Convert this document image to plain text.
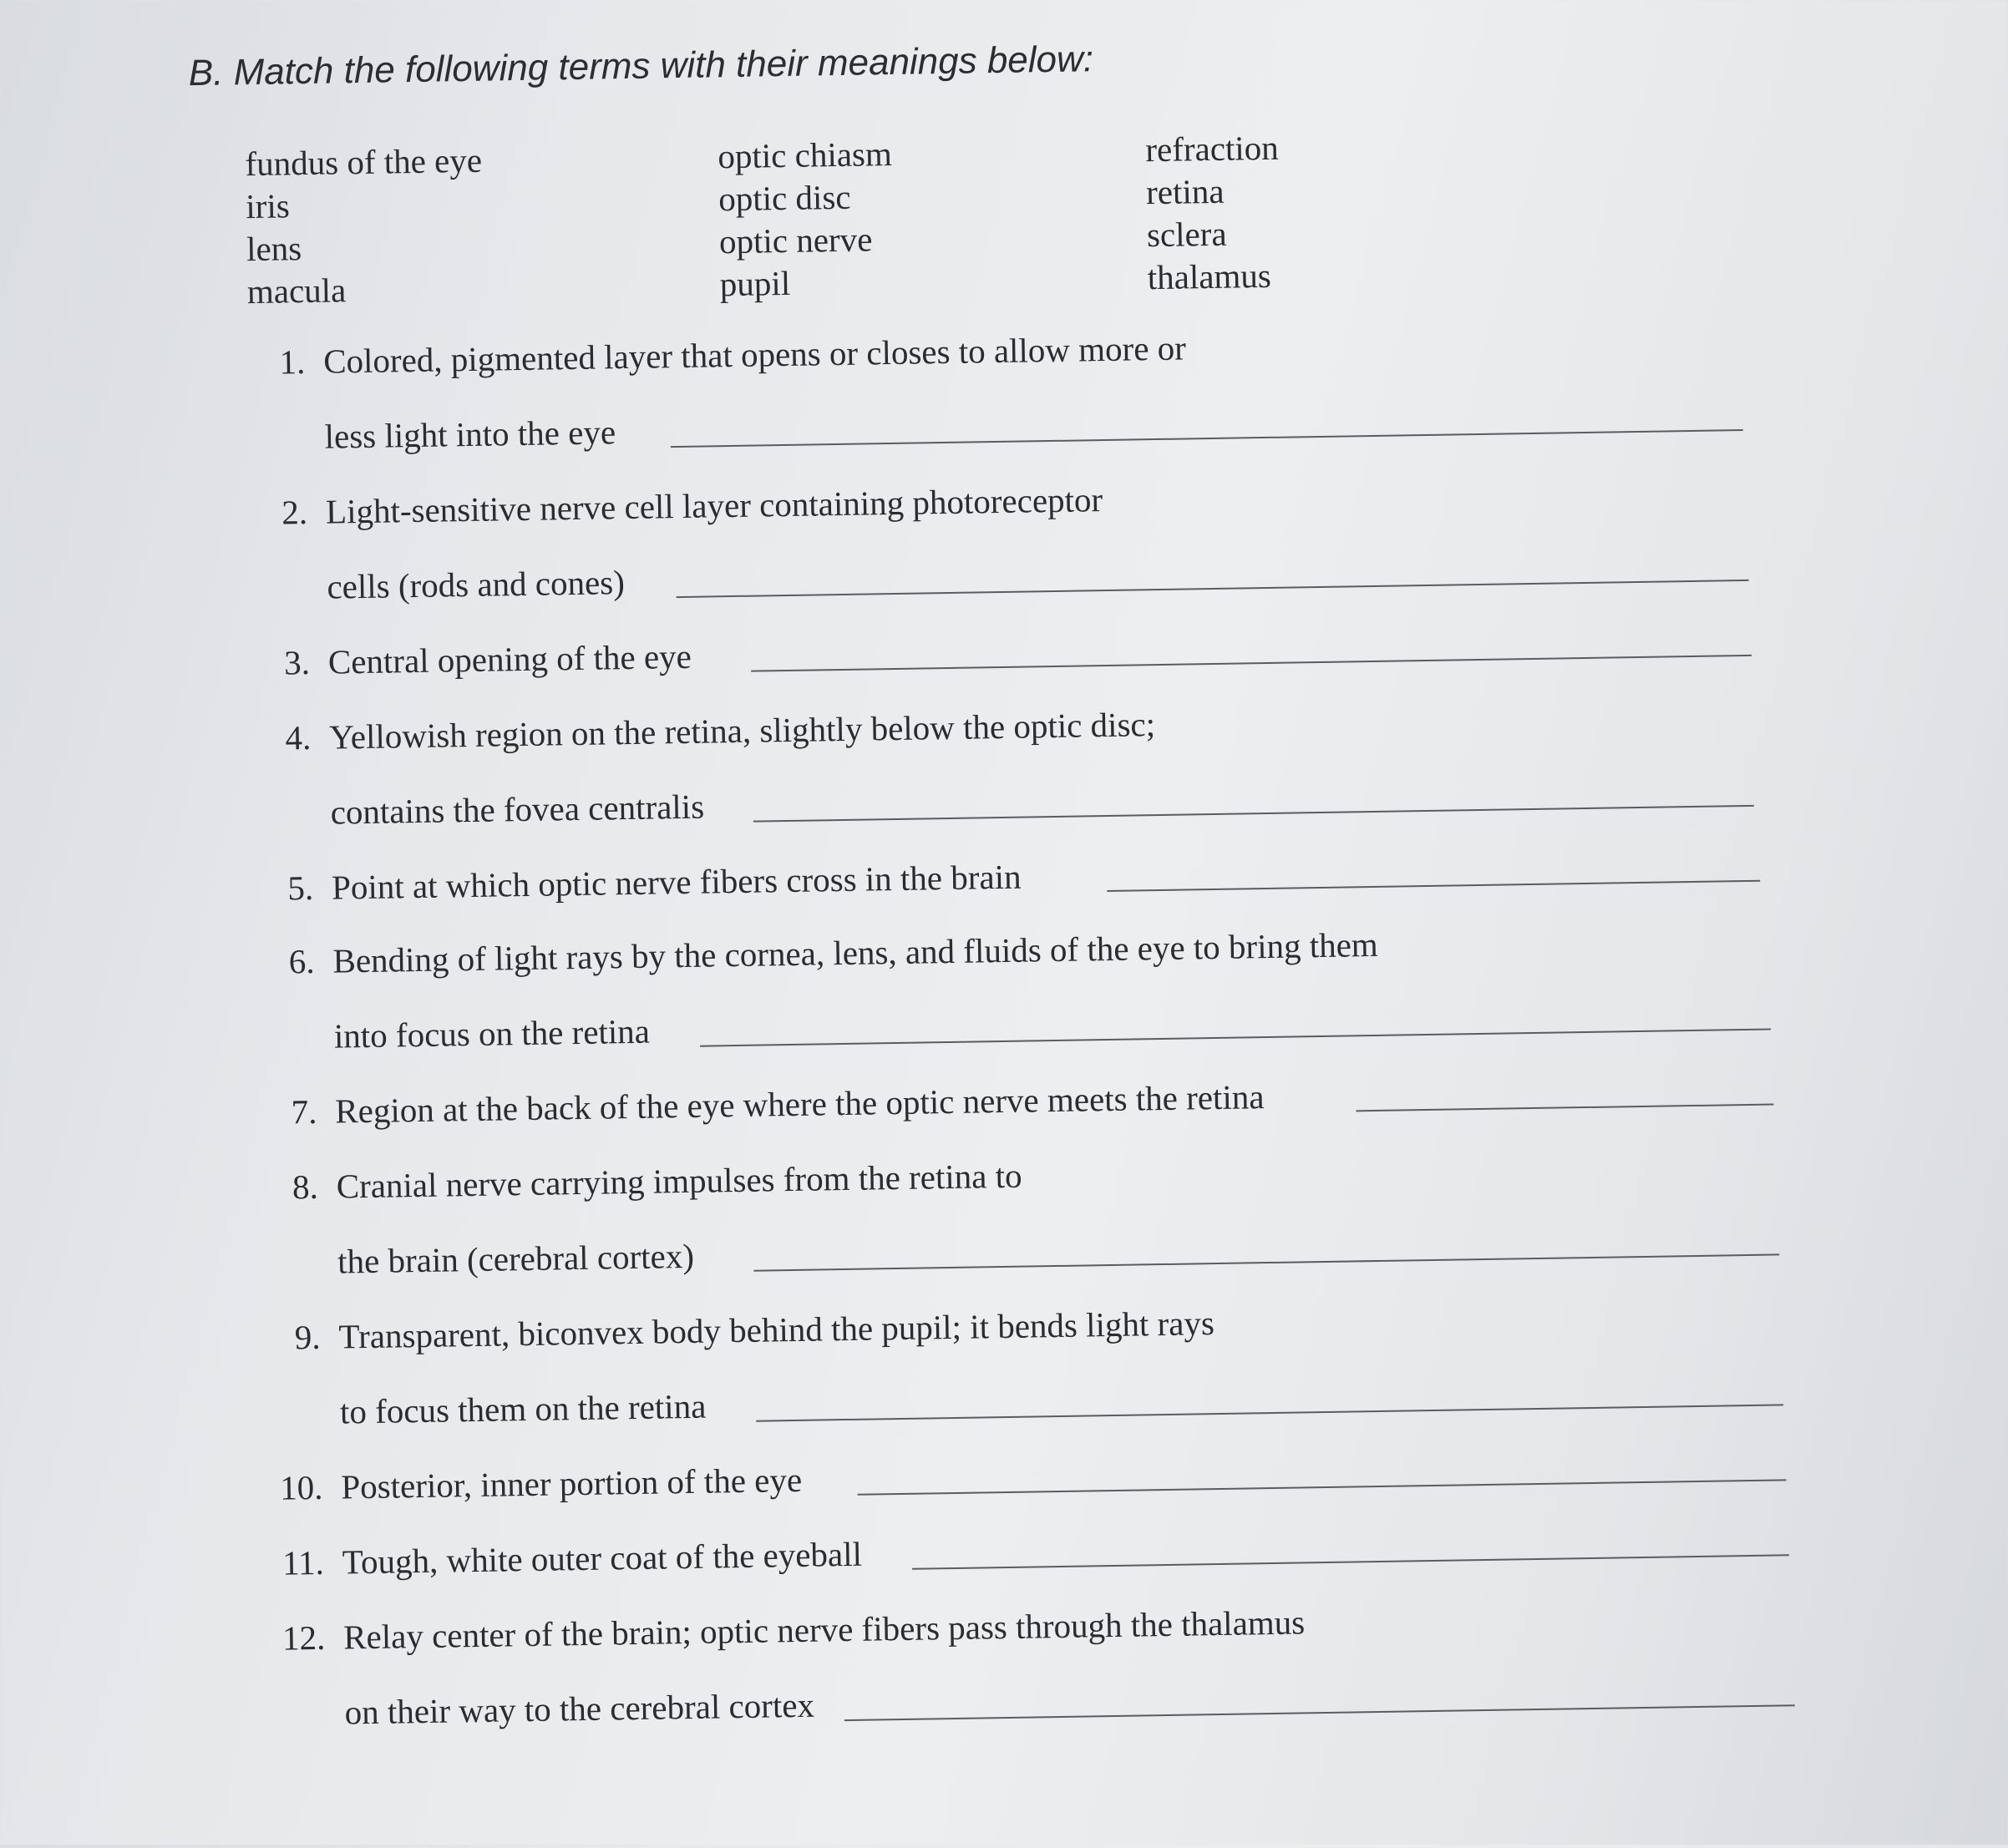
B. Match the following terms with their meanings below:
fundus of the eye
iris
lens
macula
optic chiasm
optic disc
optic nerve
pupil
refraction
retina
sclera
thalamus
1. Colored, pigmented layer that opens or closes to allow more or
less light into the eye
2. Light-sensitive nerve cell layer containing photoreceptor
cells (rods and cones)
3. Central opening of the eye
4. Yellowish region on the retina, slightly below the optic disc;
contains the fovea centralis
5. Point at which optic nerve fibers cross in the brain
6. Bending of light rays by the cornea, lens, and fluids of the eye to bring them
into focus on the retina
7. Region at the back of the eye where the optic nerve meets the retina
8. Cranial nerve carrying impulses from the retina to
the brain (cerebral cortex)
9. Transparent, biconvex body behind the pupil; it bends light rays
to focus them on the retina
10. Posterior, inner portion of the eye
11. Tough, white outer coat of the eyeball
12. Relay center of the brain; optic nerve fibers pass through the thalamus
on their way to the cerebral cortex
